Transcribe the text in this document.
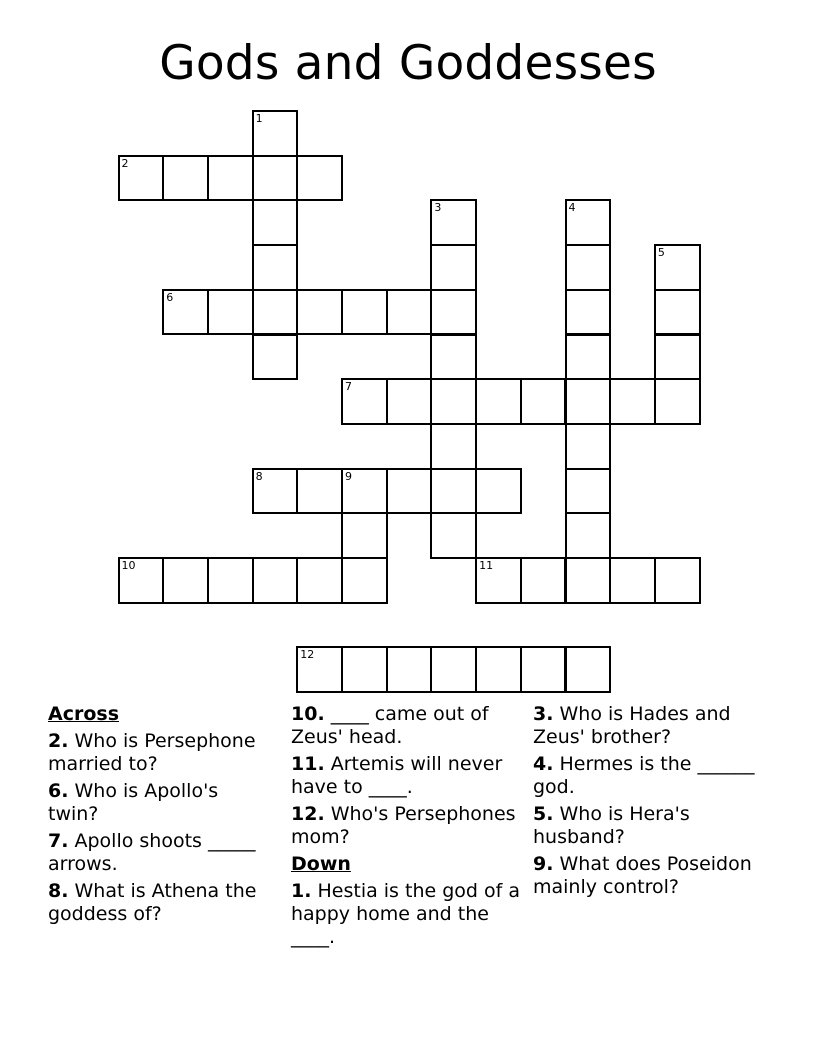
Gods and Goddesses
1
2
3	4
5
6
7
8	9
10	11
12
Across
2. Who is Persephone married to?
6. Who is Apollo's twin?
7. Apollo shoots _____ arrows.
8. What is Athena the goddess of?
10. ____ came out of Zeus' head.
11. Artemis will never have to ____.
12. Who's Persephones mom?
Down
1. Hestia is the god of a happy home and the ____.
3. Who is Hades and Zeus' brother?
4. Hermes is the ______ god.
5. Who is Hera's husband?
9. What does Poseidon mainly control?
